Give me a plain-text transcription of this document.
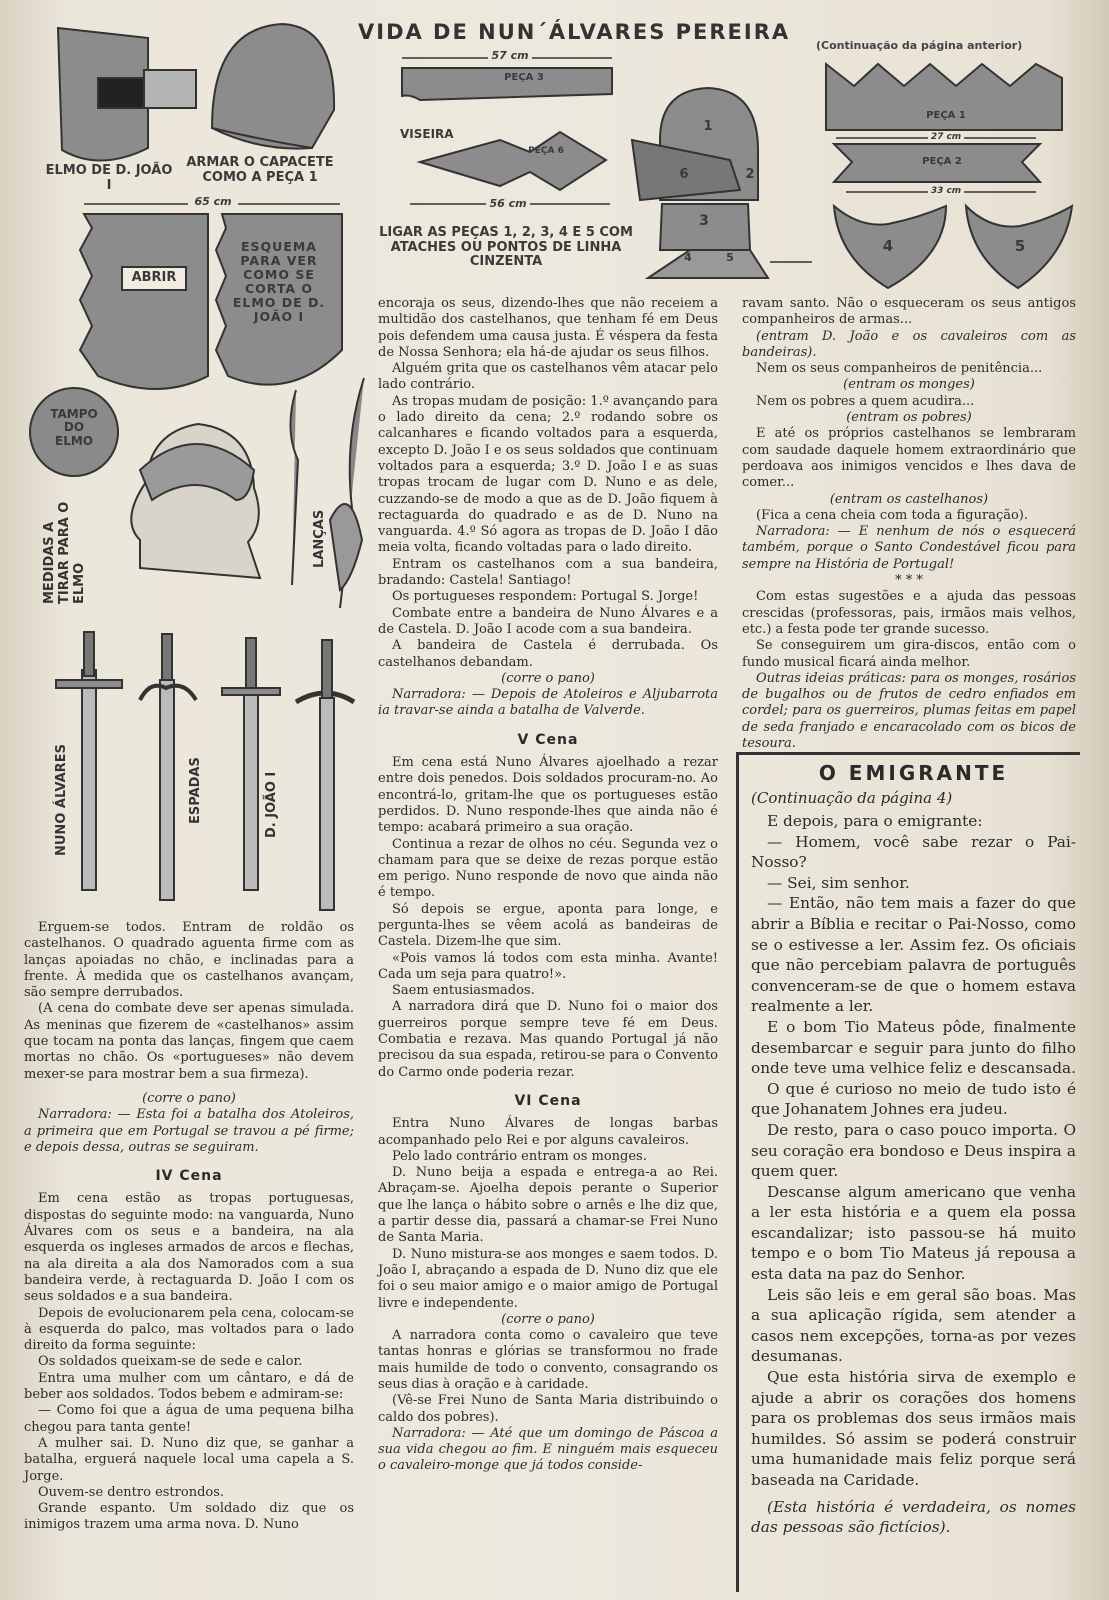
VIDA DE NUN´ÁLVARES PEREIRA
(Continuação da página anterior)
ELMO DE D. JOÃO I
ARMAR O CAPACETE COMO A PEÇA 1
65 cm
ABRIR
ESQUEMA PARA VER COMO SE CORTA O ELMO DE D. JOÃO I
TAMPO DO ELMO
MEDIDAS A TIRAR PARA O ELMO
LANÇAS
NUNO ÁLVARES	ESPADAS	D. JOÃO I
57 cm
PEÇA 3
VISEIRA
PEÇA 6
56 cm
LIGAR AS PEÇAS 1, 2, 3, 4 E 5 COM ATACHES OU PONTOS DE LINHA CINZENTA
1
2
6
3
4	5
PEÇA 1
27 cm
PEÇA 2
33 cm
4	5

Erguem-se todos. Entram de roldão os castelhanos. O quadrado aguenta firme com as lanças apoiadas no chão, e inclinadas para a frente. À medida que os castelhanos avançam, são sempre derrubados.

(A cena do combate deve ser apenas simulada. As meninas que fizerem de «castelhanos» assim que tocam na ponta das lanças, fingem que caem mortas no chão. Os «portugueses» não devem mexer-se para mostrar bem a sua firmeza).

(corre o pano)

Narradora: — Esta foi a batalha dos Atoleiros, a primeira que em Portugal se travou a pé firme; e depois dessa, outras se seguiram.

IV Cena

Em cena estão as tropas portuguesas, dispostas do seguinte modo: na vanguarda, Nuno Álvares com os seus e a bandeira, na ala esquerda os ingleses armados de arcos e flechas, na ala direita a ala dos Namorados com a sua bandeira verde, à rectaguarda D. João I com os seus soldados e a sua bandeira.

Depois de evolucionarem pela cena, colocam-se à esquerda do palco, mas voltados para o lado direito da forma seguinte:

Os soldados queixam-se de sede e calor.

Entra uma mulher com um cântaro, e dá de beber aos soldados. Todos bebem e admiram-se:

— Como foi que a água de uma pequena bilha chegou para tanta gente!

A mulher sai. D. Nuno diz que, se ganhar a batalha, erguerá naquele local uma capela a S. Jorge.

Ouvem-se dentro estrondos.

Grande espanto. Um soldado diz que os inimigos trazem uma arma nova. D. Nuno

encoraja os seus, dizendo-lhes que não receiem a multidão dos castelhanos, que tenham fé em Deus pois defendem uma causa justa. É véspera da festa de Nossa Senhora; ela há-de ajudar os seus filhos.

Alguém grita que os castelhanos vêm atacar pelo lado contrário.

As tropas mudam de posição: 1.º avançando para o lado direito da cena; 2.º rodando sobre os calcanhares e ficando voltados para a esquerda, excepto D. João I e os seus soldados que continuam voltados para a esquerda; 3.º D. João I e as suas tropas trocam de lugar com D. Nuno e as dele, cuzzando-se de modo a que as de D. João fiquem à rectaguarda do quadrado e as de D. Nuno na vanguarda. 4.º Só agora as tropas de D. João I dão meia volta, ficando voltadas para o lado direito.

Entram os castelhanos com a sua bandeira, bradando: Castela! Santiago!

Os portugueses respondem: Portugal S. Jorge!

Combate entre a bandeira de Nuno Álvares e a de Castela. D. João I acode com a sua bandeira.

A bandeira de Castela é derrubada. Os castelhanos debandam.

(corre o pano)

Narradora: — Depois de Atoleiros e Aljubarrota ia travar-se ainda a batalha de Valverde.

V Cena

Em cena está Nuno Álvares ajoelhado a rezar entre dois penedos. Dois soldados procuram-no. Ao encontrá-lo, gritam-lhe que os portugueses estão perdidos. D. Nuno responde-lhes que ainda não é tempo: acabará primeiro a sua oração.

Continua a rezar de olhos no céu. Segunda vez o chamam para que se deixe de rezas porque estão em perigo. Nuno responde de novo que ainda não é tempo.

Só depois se ergue, aponta para longe, e pergunta-lhes se vêem acolá as bandeiras de Castela. Dizem-lhe que sim.

«Pois vamos lá todos com esta minha. Avante! Cada um seja para quatro!».

Saem entusiasmados.

A narradora dirá que D. Nuno foi o maior dos guerreiros porque sempre teve fé em Deus. Combatia e rezava. Mas quando Portugal já não precisou da sua espada, retirou-se para o Convento do Carmo onde poderia rezar.

VI Cena

Entra Nuno Álvares de longas barbas acompanhado pelo Rei e por alguns cavaleiros.

Pelo lado contrário entram os monges.

D. Nuno beija a espada e entrega-a ao Rei. Abraçam-se. Ajoelha depois perante o Superior que lhe lança o hábito sobre o arnês e lhe diz que, a partir desse dia, passará a chamar-se Frei Nuno de Santa Maria.

D. Nuno mistura-se aos monges e saem todos. D. João I, abraçando a espada de D. Nuno diz que ele foi o seu maior amigo e o maior amigo de Portugal livre e independente.

(corre o pano)

A narradora conta como o cavaleiro que teve tantas honras e glórias se transformou no frade mais humilde de todo o convento, consagrando os seus dias à oração e à caridade.

(Vê-se Frei Nuno de Santa Maria distribuindo o caldo dos pobres).

Narradora: — Até que um domingo de Páscoa a sua vida chegou ao fim. E ninguém mais esqueceu o cavaleiro-monge que já todos conside-

ravam santo. Não o esqueceram os seus antigos companheiros de armas...

(entram D. João e os cavaleiros com as bandeiras).

Nem os seus companheiros de penitência...

(entram os monges)

Nem os pobres a quem acudira...

(entram os pobres)

E até os próprios castelhanos se lembraram com saudade daquele homem extraordinário que perdoava aos inimigos vencidos e lhes dava de comer...

(entram os castelhanos)

(Fica a cena cheia com toda a figuração).

Narradora: — E nenhum de nós o esquecerá também, porque o Santo Condestável ficou para sempre na História de Portugal!

* * *

Com estas sugestões e a ajuda das pessoas crescidas (professoras, pais, irmãos mais velhos, etc.) a festa pode ter grande sucesso.

Se conseguirem um gira-discos, então com o fundo musical ficará ainda melhor.

Outras ideias práticas: para os monges, rosários de bugalhos ou de frutos de cedro enfiados em cordel; para os guerreiros, plumas feitas em papel de seda franjado e encaracolado com os bicos de tesoura.

O EMIGRANTE
(Continuação da página 4)

E depois, para o emigrante:

— Homem, você sabe rezar o Pai-Nosso?

— Sei, sim senhor.

— Então, não tem mais a fazer do que abrir a Bíblia e recitar o Pai-Nosso, como se o estivesse a ler. Assim fez. Os oficiais que não percebiam palavra de português convenceram-se de que o homem estava realmente a ler.

E o bom Tio Mateus pôde, finalmente desembarcar e seguir para junto do filho onde teve uma velhice feliz e descansada.

O que é curioso no meio de tudo isto é que Johanatem Johnes era judeu.

De resto, para o caso pouco importa. O seu coração era bondoso e Deus inspira a quem quer.

Descanse algum americano que venha a ler esta história e a quem ela possa escandalizar; isto passou-se há muito tempo e o bom Tio Mateus já repousa a esta data na paz do Senhor.

Leis são leis e em geral são boas. Mas a sua aplicação rígida, sem atender a casos nem excepções, torna-as por vezes desumanas.

Que esta história sirva de exemplo e ajude a abrir os corações dos homens para os problemas dos seus irmãos mais humildes. Só assim se poderá construir uma humanidade mais feliz porque será baseada na Caridade.

(Esta história é verdadeira, os nomes das pessoas são fictícios).
